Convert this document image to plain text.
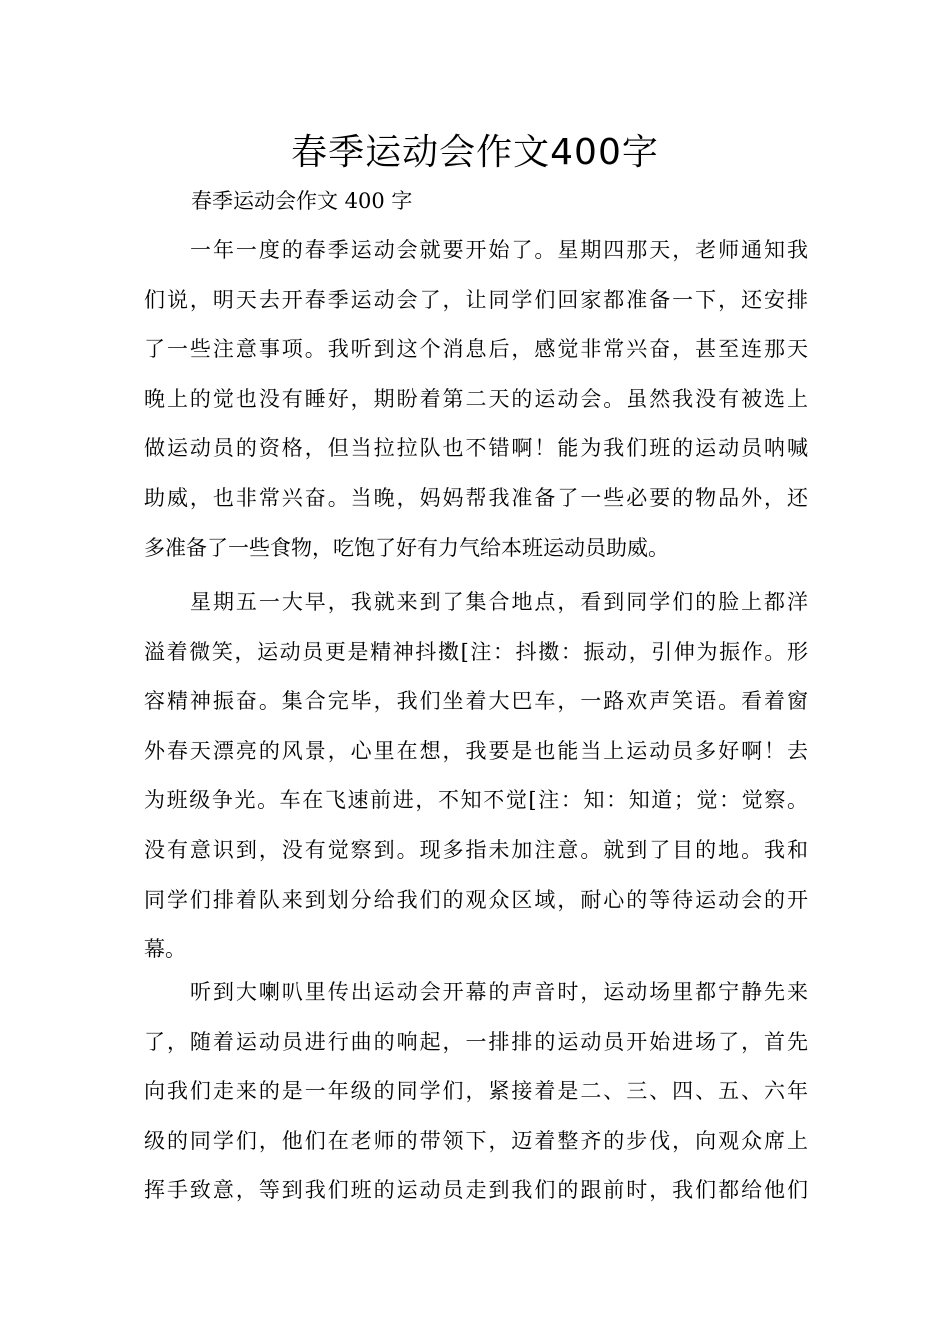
春季运动会作文400字

春季运动会作文 400 字

一年一度的春季运动会就要开始了。星期四那天，老师通知我
们说，明天去开春季运动会了，让同学们回家都准备一下，还安排
了一些注意事项。我听到这个消息后，感觉非常兴奋，甚至连那天
晚上的觉也没有睡好，期盼着第二天的运动会。虽然我没有被选上
做运动员的资格，但当拉拉队也不错啊！能为我们班的运动员呐喊
助威，也非常兴奋。当晚，妈妈帮我准备了一些必要的物品外，还
多准备了一些食物，吃饱了好有力气给本班运动员助威。
星期五一大早，我就来到了集合地点，看到同学们的脸上都洋
溢着微笑，运动员更是精神抖擞[注：抖擞：振动，引伸为振作。形
容精神振奋。集合完毕，我们坐着大巴车，一路欢声笑语。看着窗
外春天漂亮的风景，心里在想，我要是也能当上运动员多好啊！去
为班级争光。车在飞速前进，不知不觉[注：知：知道；觉：觉察。
没有意识到，没有觉察到。现多指未加注意。就到了目的地。我和
同学们排着队来到划分给我们的观众区域，耐心的等待运动会的开
幕。
听到大喇叭里传出运动会开幕的声音时，运动场里都宁静先来
了，随着运动员进行曲的响起，一排排的运动员开始进场了，首先
向我们走来的是一年级的同学们，紧接着是二、三、四、五、六年
级的同学们，他们在老师的带领下，迈着整齐的步伐，向观众席上
挥手致意，等到我们班的运动员走到我们的跟前时，我们都给他们
